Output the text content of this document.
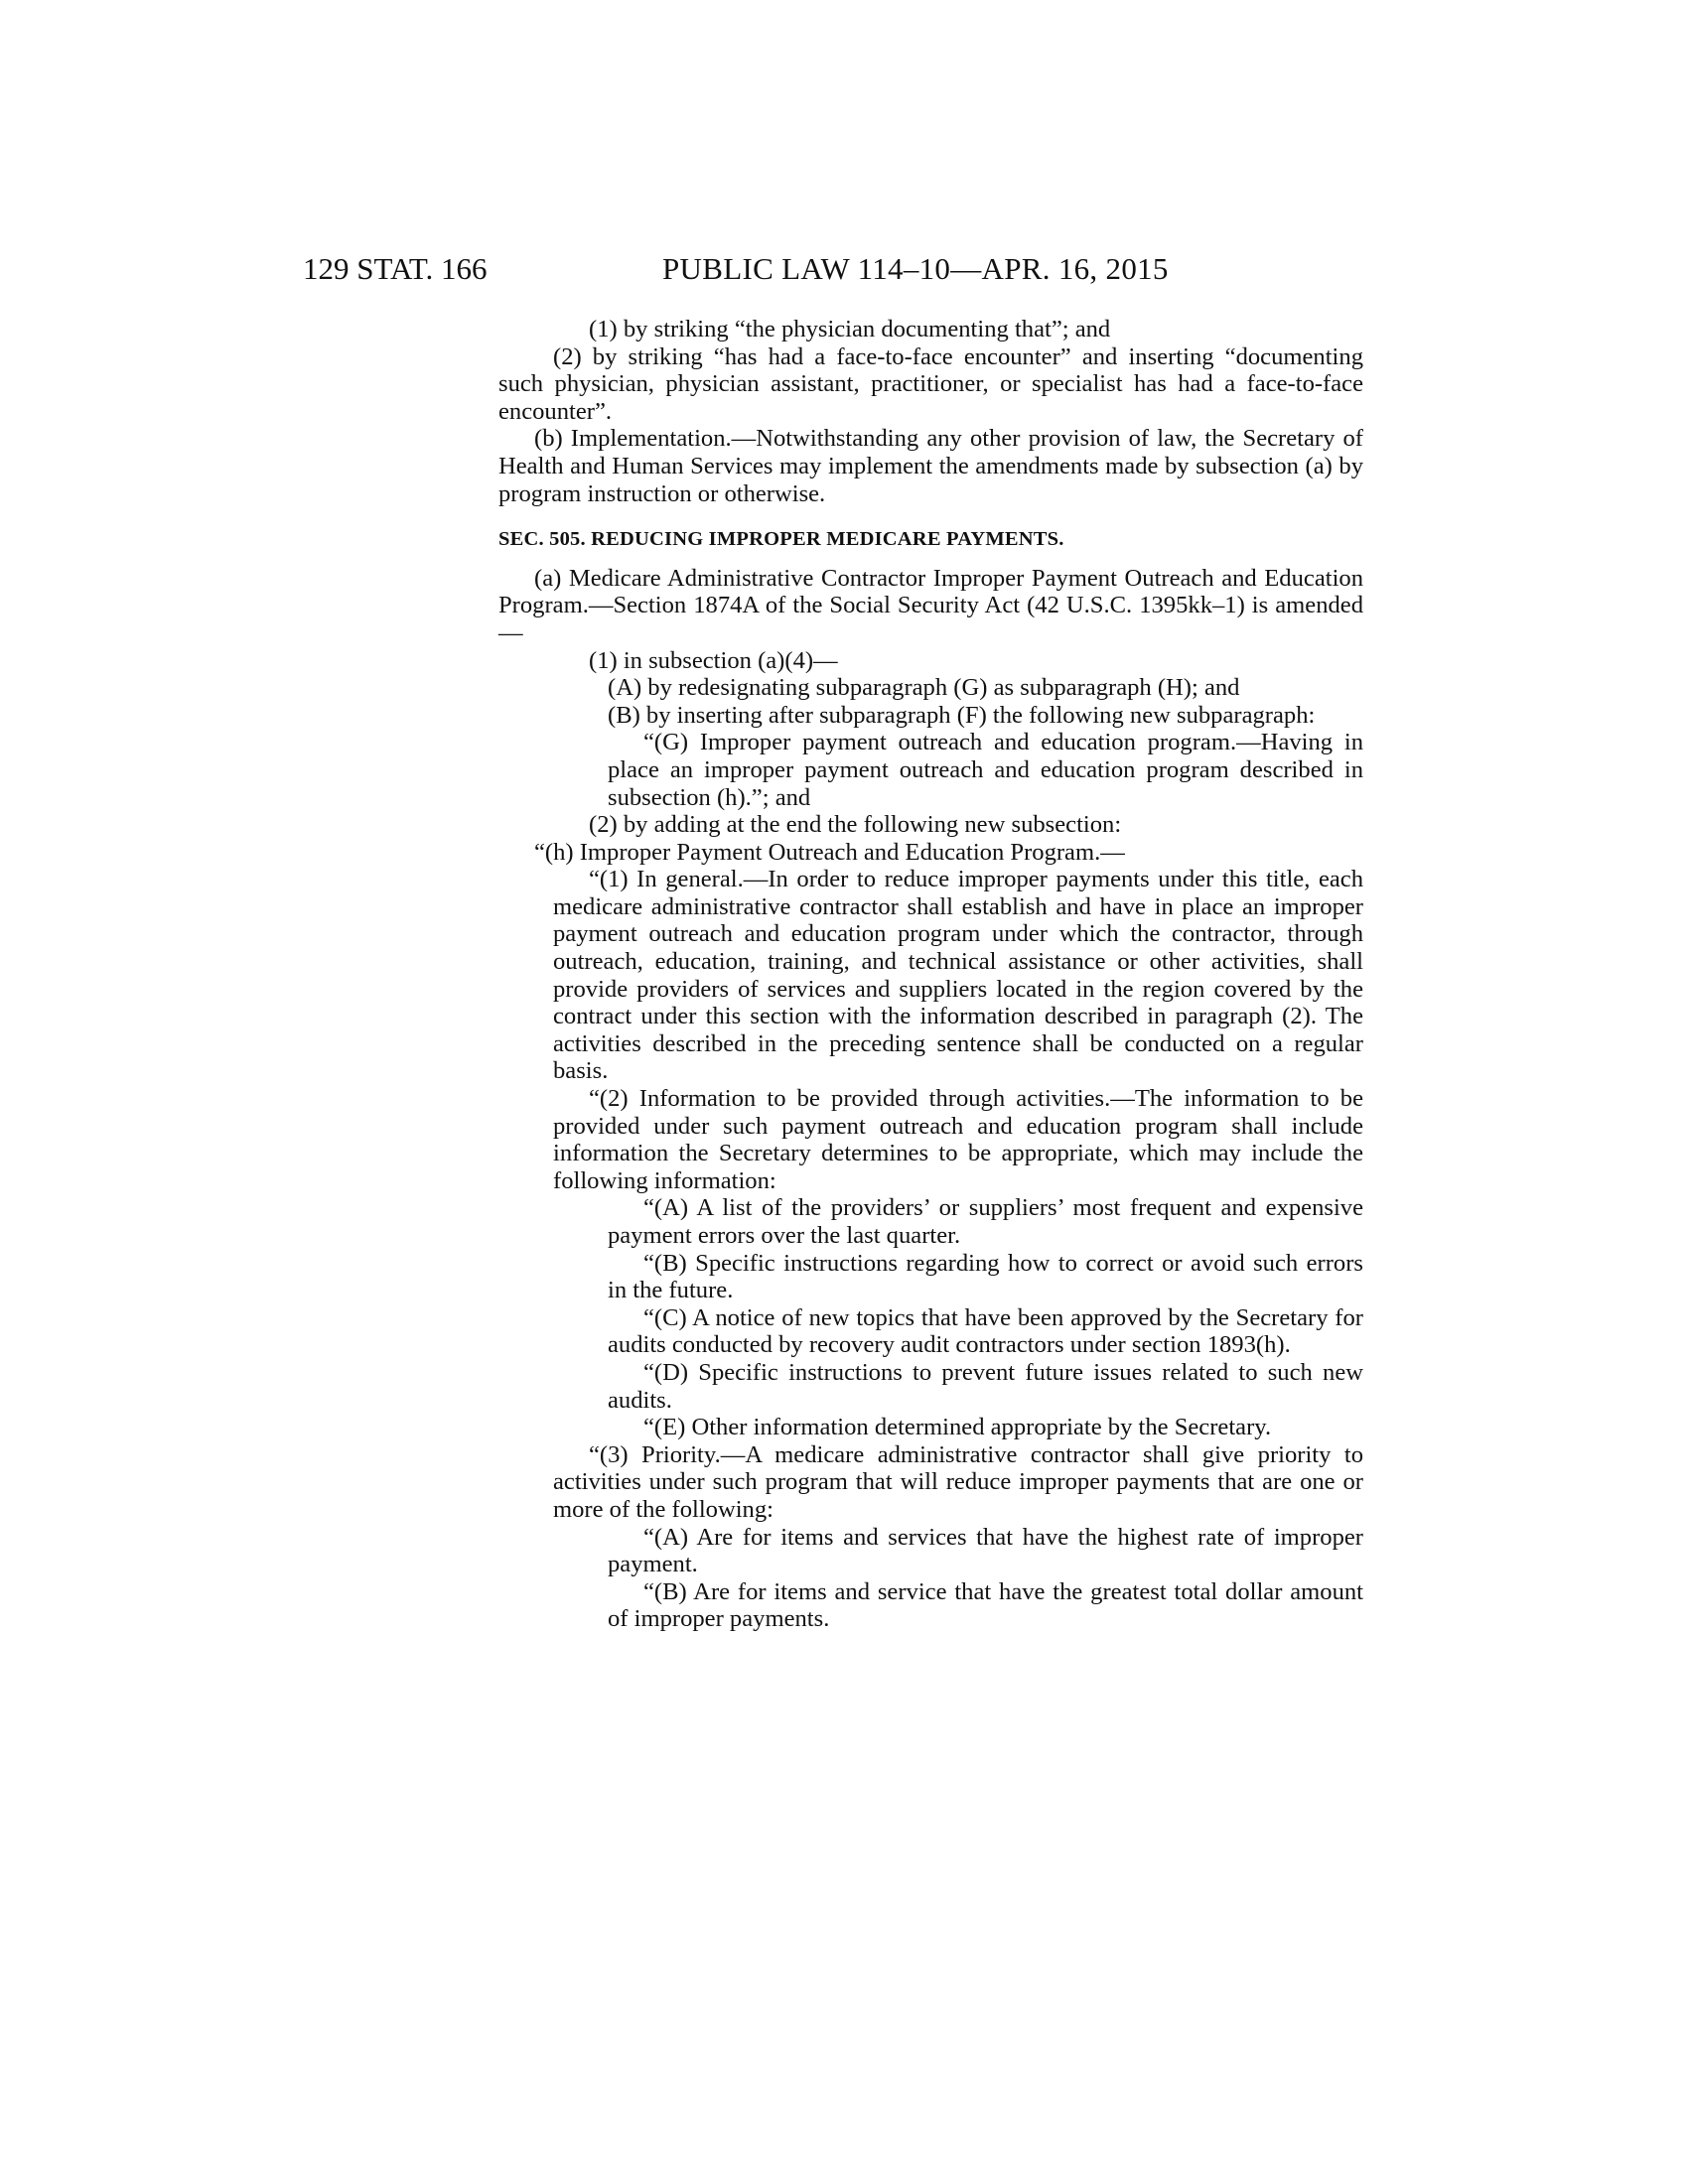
129 STAT. 166	PUBLIC LAW 114–10—APR. 16, 2015

(1) by striking “the physician documenting that”; and

(2) by striking “has had a face-to-face encounter” and inserting “documenting such physician, physician assistant, practitioner, or specialist has had a face-to-face encounter”.

(b) Implementation.—Notwithstanding any other provision of law, the Secretary of Health and Human Services may implement the amendments made by subsection (a) by program instruction or otherwise.

SEC. 505. REDUCING IMPROPER MEDICARE PAYMENTS.

(a) Medicare Administrative Contractor Improper Payment Outreach and Education Program.—Section 1874A of the Social Security Act (42 U.S.C. 1395kk–1) is amended—

(1) in subsection (a)(4)—

(A) by redesignating subparagraph (G) as subparagraph (H); and

(B) by inserting after subparagraph (F) the following new subparagraph:

“(G) Improper payment outreach and education program.—Having in place an improper payment outreach and education program described in subsection (h).”; and

(2) by adding at the end the following new subsection:

“(h) Improper Payment Outreach and Education Program.—

“(1) In general.—In order to reduce improper payments under this title, each medicare administrative contractor shall establish and have in place an improper payment outreach and education program under which the contractor, through outreach, education, training, and technical assistance or other activities, shall provide providers of services and suppliers located in the region covered by the contract under this section with the information described in paragraph (2). The activities described in the preceding sentence shall be conducted on a regular basis.

“(2) Information to be provided through activities.—The information to be provided under such payment outreach and education program shall include information the Secretary determines to be appropriate, which may include the following information:

“(A) A list of the providers’ or suppliers’ most frequent and expensive payment errors over the last quarter.

“(B) Specific instructions regarding how to correct or avoid such errors in the future.

“(C) A notice of new topics that have been approved by the Secretary for audits conducted by recovery audit contractors under section 1893(h).

“(D) Specific instructions to prevent future issues related to such new audits.

“(E) Other information determined appropriate by the Secretary.

“(3) Priority.—A medicare administrative contractor shall give priority to activities under such program that will reduce improper payments that are one or more of the following:

“(A) Are for items and services that have the highest rate of improper payment.

“(B) Are for items and service that have the greatest total dollar amount of improper payments.
